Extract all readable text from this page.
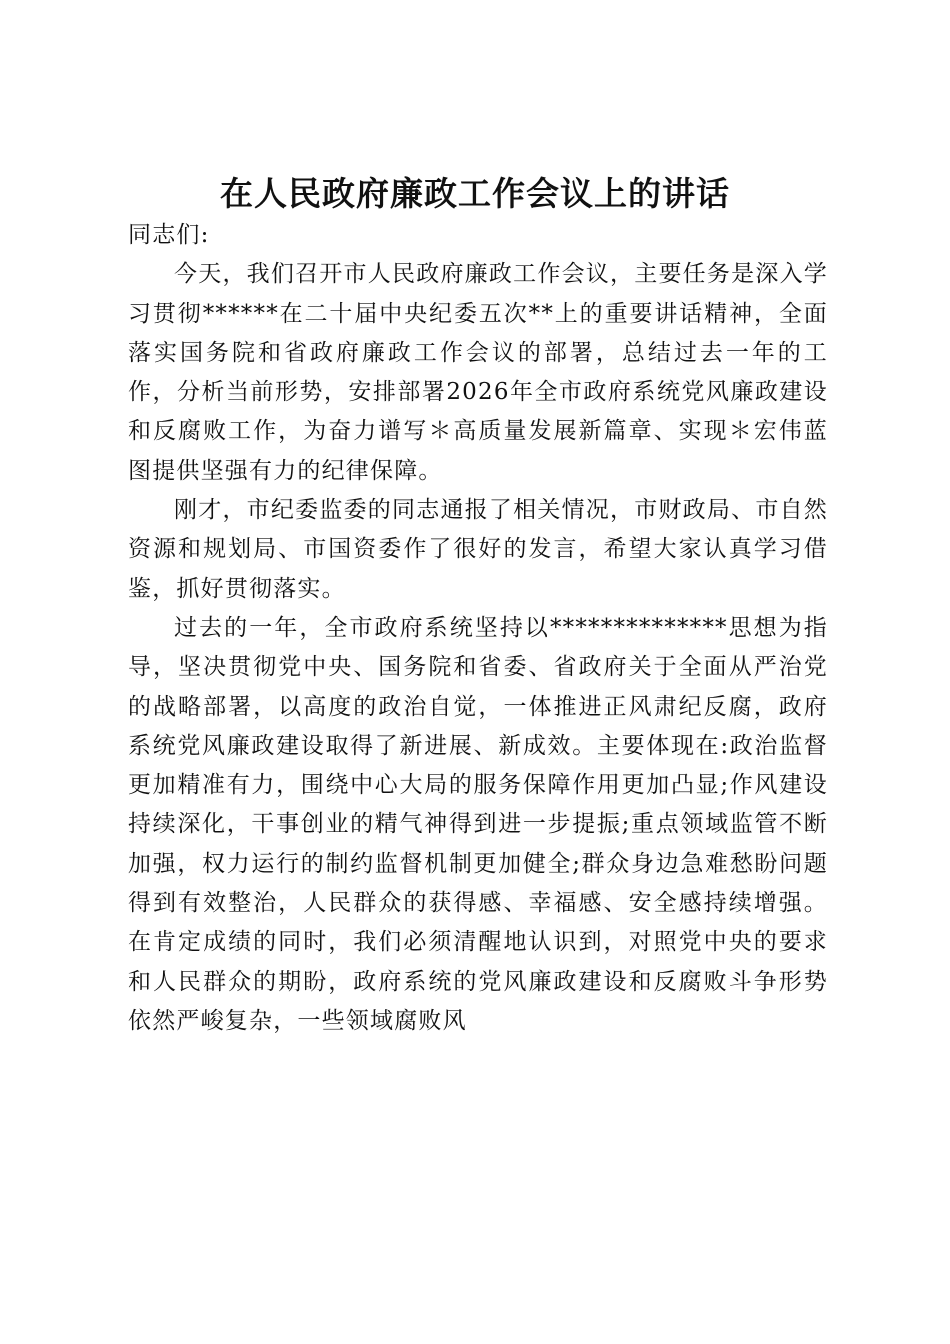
在人民政府廉政工作会议上的讲话

同志们:

今天，我们召开市人民政府廉政工作会议，主要任务是深入学习贯彻******在二十届中央纪委五次**上的重要讲话精神，全面落实国务院和省政府廉政工作会议的部署，总结过去一年的工作，分析当前形势，安排部署2026年全市政府系统党风廉政建设和反腐败工作，为奋力谱写＊高质量发展新篇章、实现＊宏伟蓝图提供坚强有力的纪律保障。

刚才，市纪委监委的同志通报了相关情况，市财政局、市自然资源和规划局、市国资委作了很好的发言，希望大家认真学习借鉴，抓好贯彻落实。

过去的一年，全市政府系统坚持以**************思想为指导，坚决贯彻党中央、国务院和省委、省政府关于全面从严治党的战略部署，以高度的政治自觉，一体推进正风肃纪反腐，政府系统党风廉政建设取得了新进展、新成效。主要体现在:政治监督更加精准有力，围绕中心大局的服务保障作用更加凸显;作风建设持续深化，干事创业的精气神得到进一步提振;重点领域监管不断加强，权力运行的制约监督机制更加健全;群众身边急难愁盼问题得到有效整治，人民群众的获得感、幸福感、安全感持续增强。在肯定成绩的同时，我们必须清醒地认识到，对照党中央的要求和人民群众的期盼，政府系统的党风廉政建设和反腐败斗争形势依然严峻复杂，一些领域腐败风
